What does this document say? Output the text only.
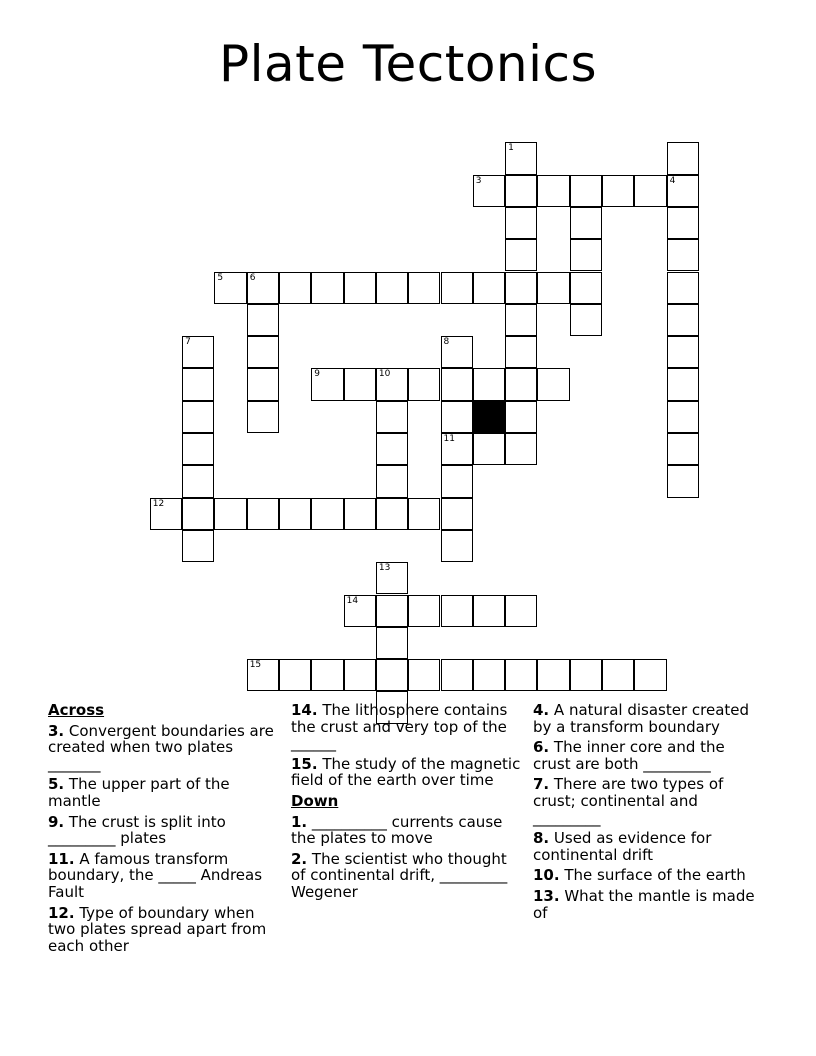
Plate Tectonics
1
3	4
5	6
7	8
9	10
11
12
13
14
15
Across
3. Convergent boundaries are created when two plates _______
5. The upper part of the mantle
9. The crust is split into _________ plates
11. A famous transform boundary, the _____ Andreas Fault
12. Type of boundary when two plates spread apart from each other
14. The lithosphere contains the crust and very top of the ______
15. The study of the magnetic field of the earth over time
Down
1. __________ currents cause the plates to move
2. The scientist who thought of continental drift, _________ Wegener
4. A natural disaster created by a transform boundary
6. The inner core and the crust are both _________
7. There are two types of crust; continental and _________
8. Used as evidence for continental drift
10. The surface of the earth
13. What the mantle is made of
